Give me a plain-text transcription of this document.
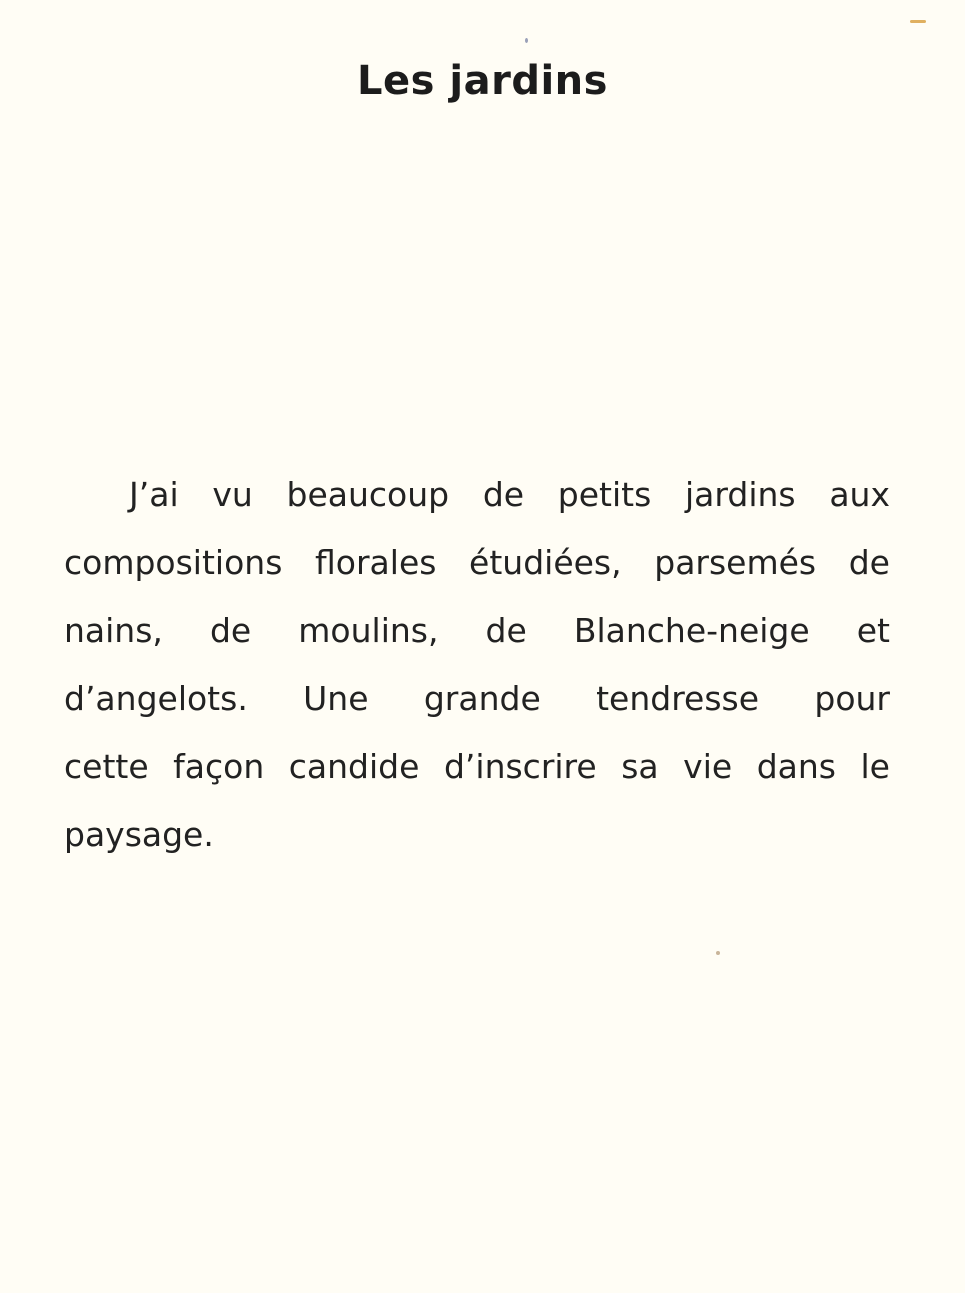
Les jardins
J’ai vu beaucoup de petits jardins aux
compositions florales étudiées, parsemés de
nains, de moulins, de Blanche-neige et
d’angelots. Une grande tendresse pour
cette façon candide d’inscrire sa vie dans le
paysage.
